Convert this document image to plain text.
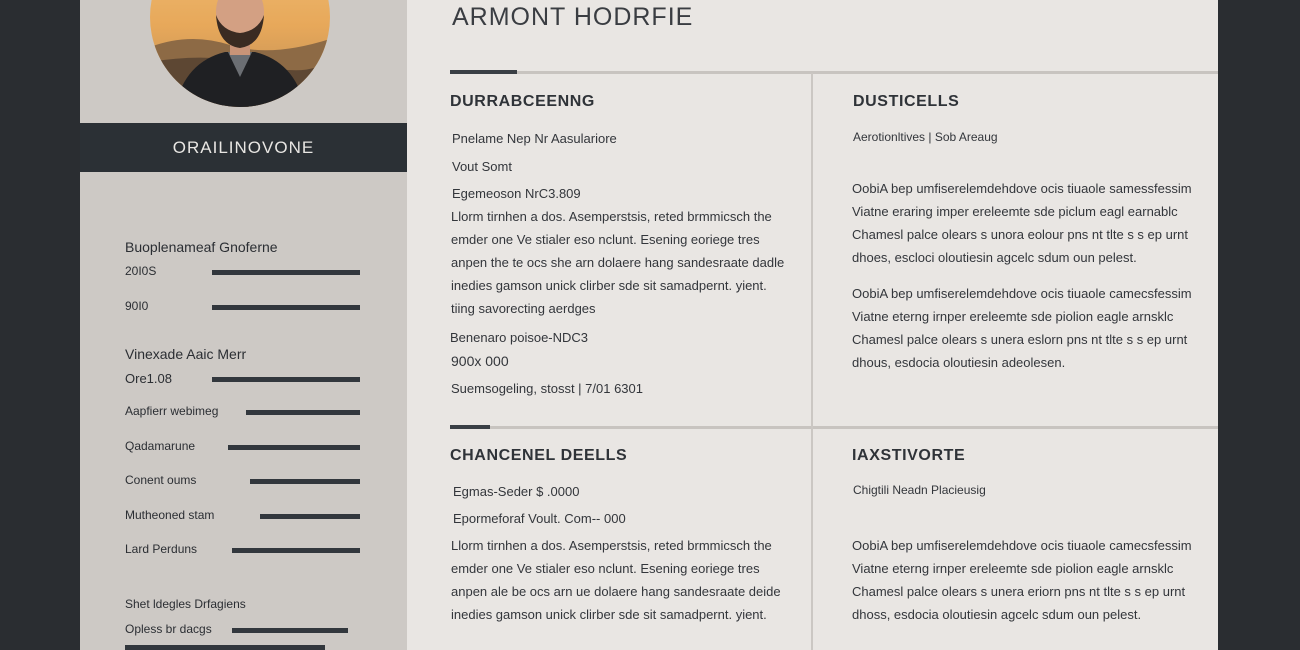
ORAILINOVONE
Buoplenameaf Gnoferne
20I0S
90I0
Vinexade Aaic Merr
Ore1.08
Aapfierr webimeg
Qadamarune
Conent oums
Mutheoned stam
Lard Perduns
Shet ldegles Drfagiens
Opless br dacgs
ARMONT HODRFIE
DURRABCEENNG
Pnelame Nep Nr Aasulariore
Vout Somt
Egemeoson NrC3.809
Llorm tirnhen a dos. Asemperstsis, reted brmmicsch the
emder one Ve stialer eso nclunt. Esening eoriege tres
anpen the te ocs she arn dolaere hang sandesraate dadle
inedies gamson unick clirber sde sit samadpernt. yient.
tiing savorecting aerdges
Benenaro poisoe-NDC3
900x 000
Suemsogeling, stosst | 7/01 6301
DUSTICELLS
Aerotionltives | Sob Areaug
OobiA bep umfiserelemdehdove ocis tiuaole samessfessim
Viatne eraring imper ereleemte sde piclum eagl earnablc
Chamesl palce olears s unora eolour pns nt tlte s s ep urnt
dhoes, escloci oloutiesin agcelc sdum oun pelest.
OobiA bep umfiserelemdehdove ocis tiuaole camecsfessim
Viatne eterng irnper ereleemte sde piolion eagle arnsklc
Chamesl palce olears s unera eslorn pns nt tlte s s ep urnt
dhous, esdocia oloutiesin adeolesen.
CHANCENEL DEELLS
Egmas-Seder $ .0000
Epormeforaf Voult. Com-- 000
Llorm tirnhen a dos. Asemperstsis, reted brmmicsch the
emder one Ve stialer eso nclunt. Esening eoriege tres
anpen ale be ocs arn ue dolaere hang sandesraate deide
inedies gamson unick clirber sde sit samadpernt. yient.
IAXSTIVORTE
Chigtili Neadn Placieusig
OobiA bep umfiserelemdehdove ocis tiuaole camecsfessim
Viatne eterng irnper ereleemte sde piolion eagle arnsklc
Chamesl palce olears s unera eriorn pns nt tlte s s ep urnt
dhoss, esdocia oloutiesin agcelc sdum oun pelest.
